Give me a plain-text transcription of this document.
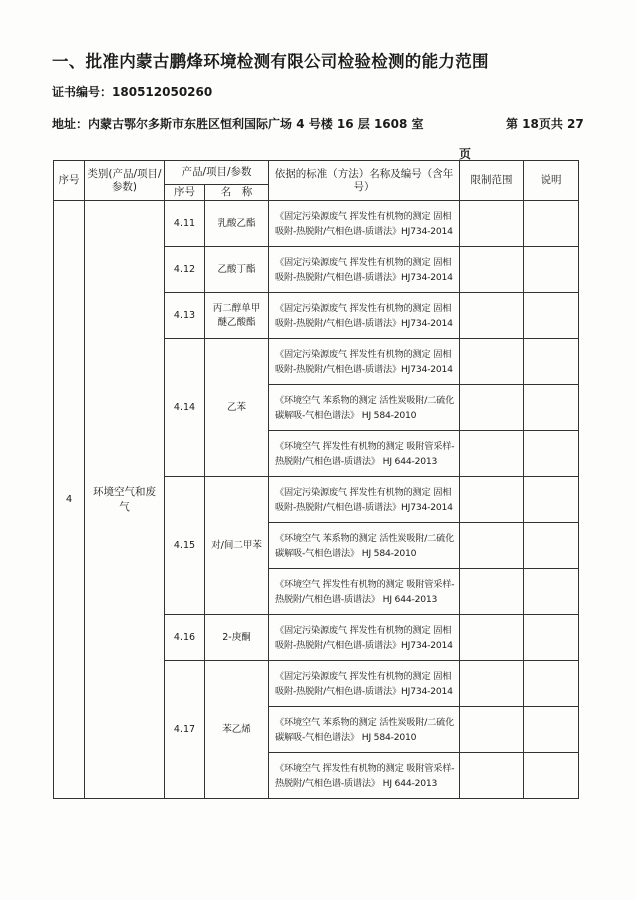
一、批准内蒙古鹏烽环境检测有限公司检验检测的能力范围
证书编号：180512050260
地址：内蒙古鄂尔多斯市东胜区恒利国际广场 4 号楼 16 层 1608 室	第 18页共 27
页
序号	类别(产品/项目/参数)	产品/项目/参数		依据的标准（方法）名称及编号（含年号）	限制范围	说明
		序号	名　称			
4	环境空气和废气	4.11	乳酸乙酯	《固定污染源废气 挥发性有机物的测定 固相吸附-热脱附/气相色谱-质谱法》HJ734-2014		
		4.12	乙酸丁酯	《固定污染源废气 挥发性有机物的测定 固相吸附-热脱附/气相色谱-质谱法》HJ734-2014		
		4.13	丙二醇单甲醚乙酸酯	《固定污染源废气 挥发性有机物的测定 固相吸附-热脱附/气相色谱-质谱法》HJ734-2014		
		4.14	乙苯	《固定污染源废气 挥发性有机物的测定 固相吸附-热脱附/气相色谱-质谱法》HJ734-2014		
				《环境空气 苯系物的测定 活性炭吸附/二硫化碳解吸-气相色谱法》 HJ 584-2010		
				《环境空气 挥发性有机物的测定 吸附管采样-热脱附/气相色谱-质谱法》 HJ 644-2013		
		4.15	对/间二甲苯	《固定污染源废气 挥发性有机物的测定 固相吸附-热脱附/气相色谱-质谱法》HJ734-2014		
				《环境空气 苯系物的测定 活性炭吸附/二硫化碳解吸-气相色谱法》 HJ 584-2010		
				《环境空气 挥发性有机物的测定 吸附管采样-热脱附/气相色谱-质谱法》 HJ 644-2013		
		4.16	2-庚酮	《固定污染源废气 挥发性有机物的测定 固相吸附-热脱附/气相色谱-质谱法》HJ734-2014		
		4.17	苯乙烯	《固定污染源废气 挥发性有机物的测定 固相吸附-热脱附/气相色谱-质谱法》HJ734-2014		
				《环境空气 苯系物的测定 活性炭吸附/二硫化碳解吸-气相色谱法》 HJ 584-2010		
				《环境空气 挥发性有机物的测定 吸附管采样-热脱附/气相色谱-质谱法》 HJ 644-2013		
